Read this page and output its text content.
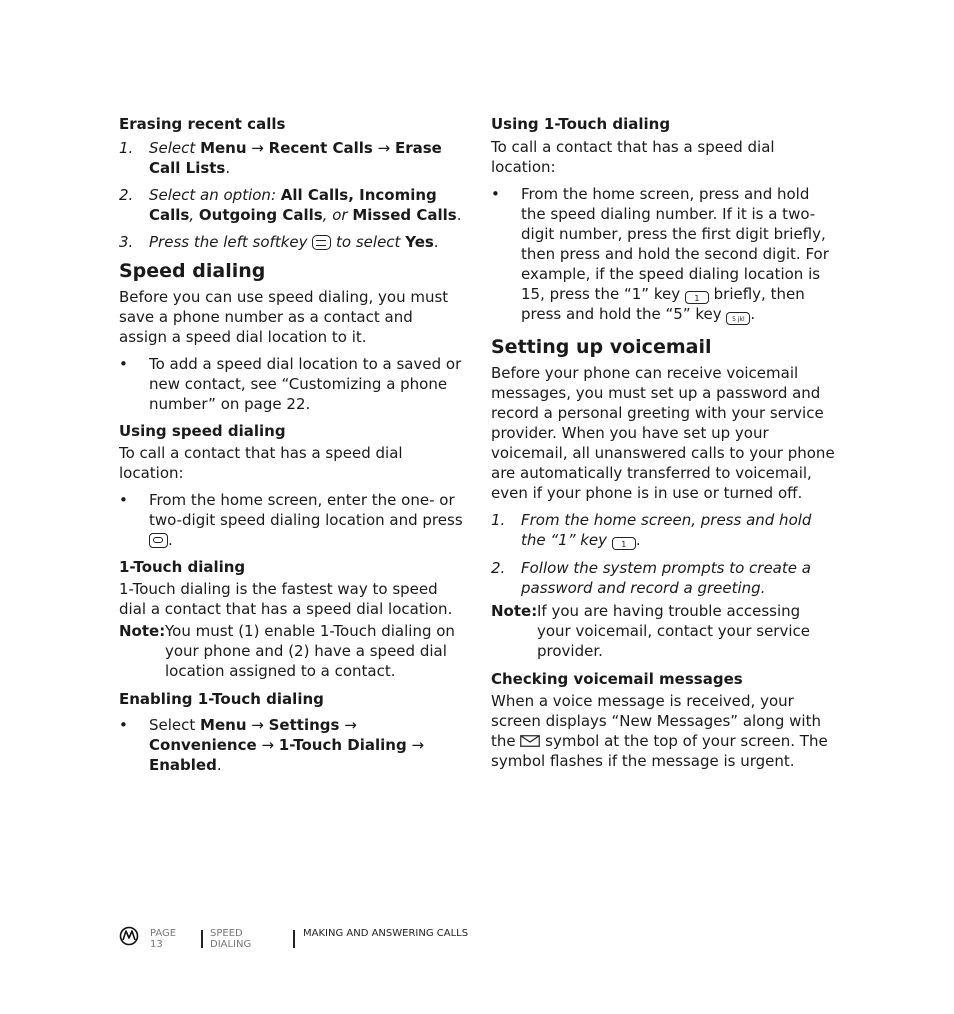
Erasing recent calls
1. Select Menu → Recent Calls → Erase Call Lists.
2. Select an option: All Calls, Incoming Calls, Outgoing Calls, or Missed Calls.
3. Press the left softkey  to select Yes.
Speed dialing
Before you can use speed dialing, you must save a phone number as a contact and assign a speed dial location to it.
• To add a speed dial location to a saved or new contact, see “Customizing a phone number” on page 22.
Using speed dialing
To call a contact that has a speed dial location:
• From the home screen, enter the one- or two-digit speed dialing location and press .
1-Touch dialing
1-Touch dialing is the fastest way to speed dial a contact that has a speed dial location.
Note: You must (1) enable 1-Touch dialing on your phone and (2) have a speed dial location assigned to a contact.
Enabling 1-Touch dialing
• Select Menu → Settings → Convenience → 1-Touch Dialing → Enabled.
Using 1-Touch dialing
To call a contact that has a speed dial location:
• From the home screen, press and hold the speed dialing number. If it is a two-digit number, press the first digit briefly, then press and hold the second digit. For example, if the speed dialing location is 15, press the “1” key 1 briefly, then press and hold the “5” key 5 jkl .
Setting up voicemail
Before your phone can receive voicemail messages, you must set up a password and record a personal greeting with your service provider. When you have set up your voicemail, all unanswered calls to your phone are automatically transferred to voicemail, even if your phone is in use or turned off.
1. From the home screen, press and hold the “1” key 1 .
2. Follow the system prompts to create a password and record a greeting.
Note: If you are having trouble accessing your voicemail, contact your service provider.
Checking voicemail messages
When a voice message is received, your screen displays “New Messages” along with the  symbol at the top of your screen. The symbol flashes if the message is urgent.
PAGE 13
SPEED DIALING
MAKING AND ANSWERING CALLS
